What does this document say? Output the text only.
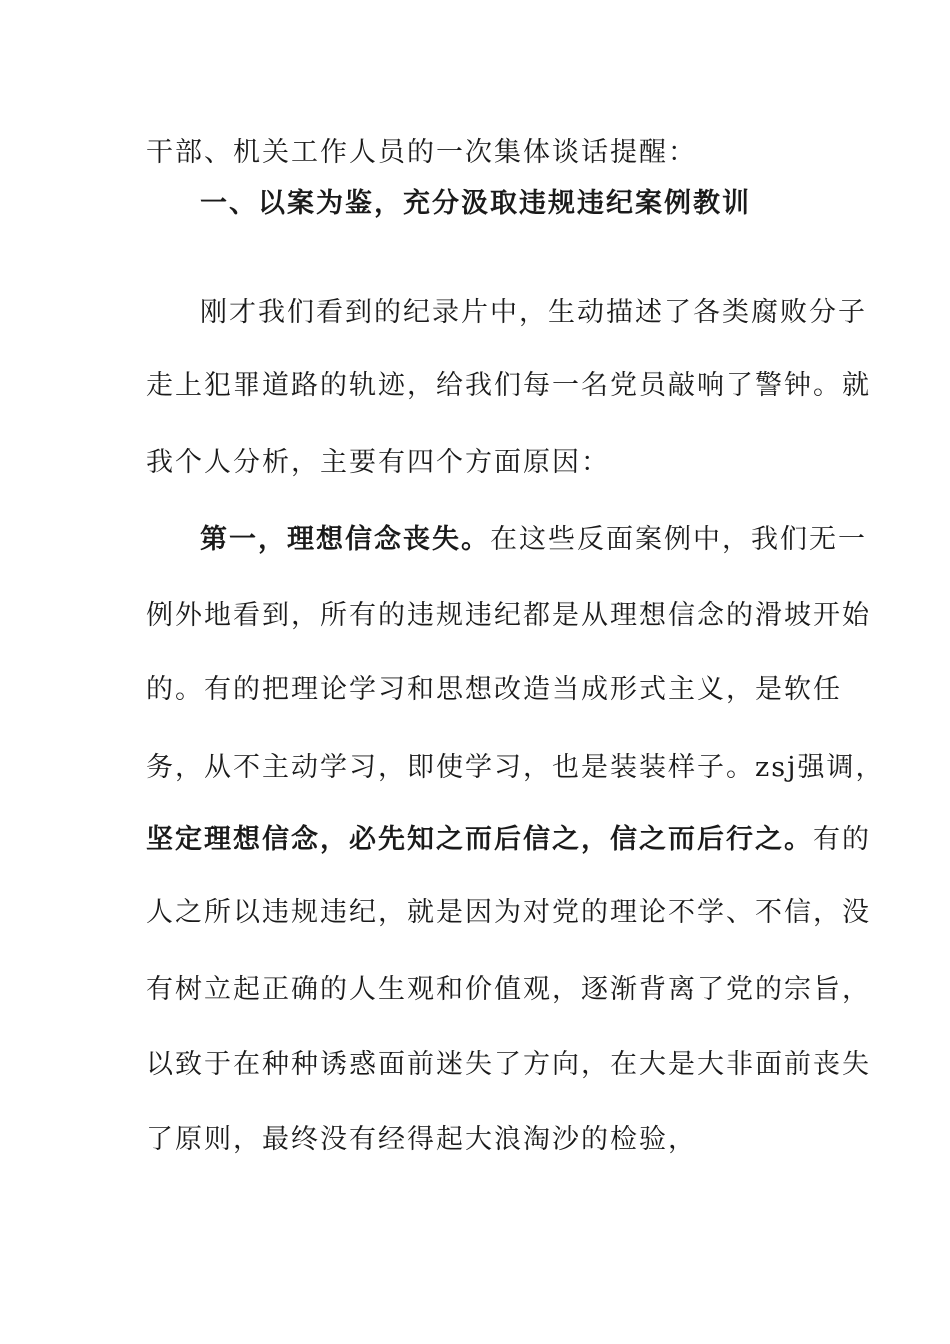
干部、机关工作人员的一次集体谈话提醒：
一、以案为鉴，充分汲取违规违纪案例教训
刚才我们看到的纪录片中，生动描述了各类腐败分子
走上犯罪道路的轨迹，给我们每一名党员敲响了警钟。就
我个人分析，主要有四个方面原因：
第一，理想信念丧失。在这些反面案例中，我们无一
例外地看到，所有的违规违纪都是从理想信念的滑坡开始
的。有的把理论学习和思想改造当成形式主义，是软任
务，从不主动学习，即使学习，也是装装样子。zsj强调，
坚定理想信念，必先知之而后信之，信之而后行之。有的
人之所以违规违纪，就是因为对党的理论不学、不信，没
有树立起正确的人生观和价值观，逐渐背离了党的宗旨，
以致于在种种诱惑面前迷失了方向，在大是大非面前丧失
了原则，最终没有经得起大浪淘沙的检验，
